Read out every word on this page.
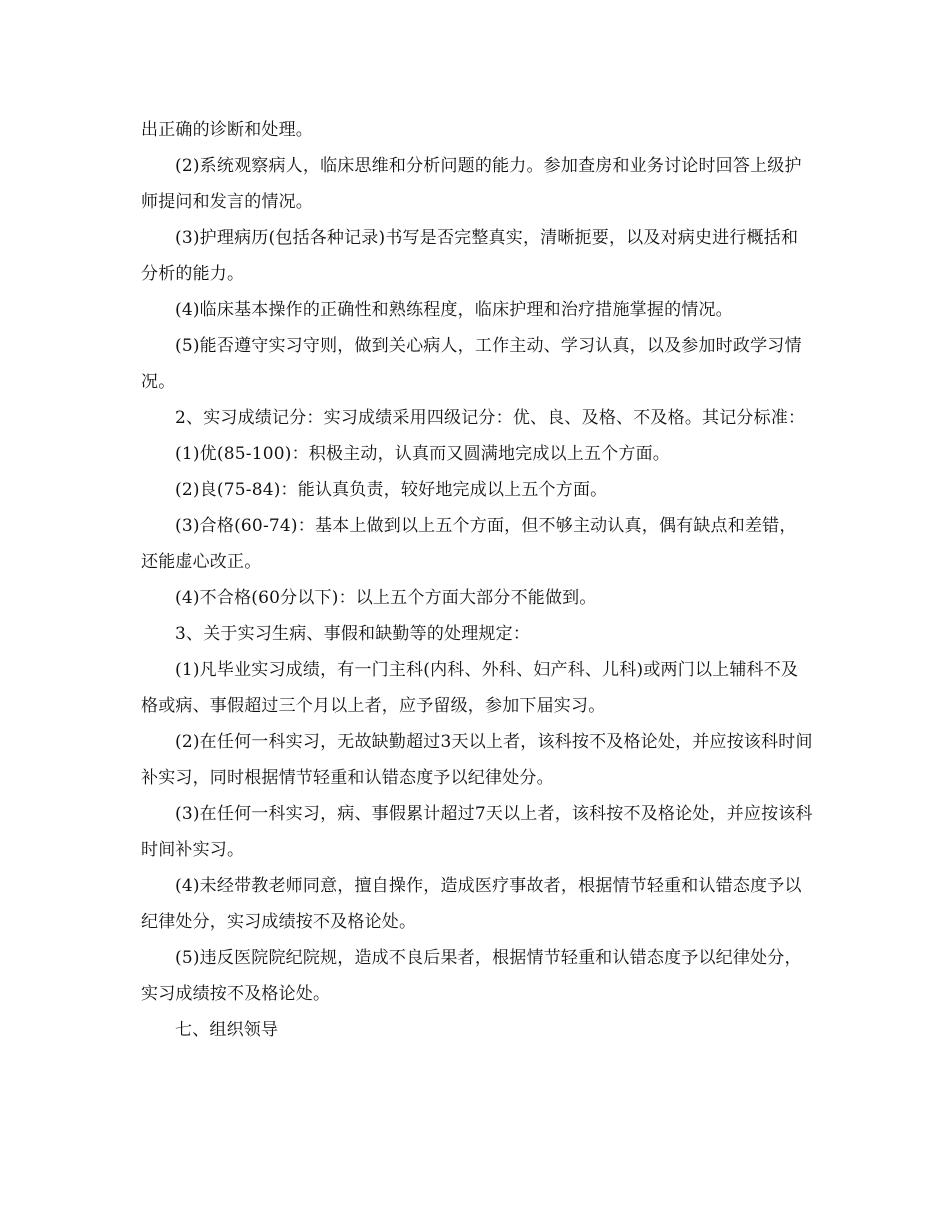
出正确的诊断和处理。

(2)系统观察病人，临床思维和分析问题的能力。参加查房和业务讨论时回答上级护师提问和发言的情况。

(3)护理病历(包括各种记录)书写是否完整真实，清晰扼要，以及对病史进行概括和分析的能力。

(4)临床基本操作的正确性和熟练程度，临床护理和治疗措施掌握的情况。

(5)能否遵守实习守则，做到关心病人，工作主动、学习认真，以及参加时政学习情况。

2、实习成绩记分：实习成绩采用四级记分：优、良、及格、不及格。其记分标准：

(1)优(85-100)：积极主动，认真而又圆满地完成以上五个方面。

(2)良(75-84)：能认真负责，较好地完成以上五个方面。

(3)合格(60-74)：基本上做到以上五个方面，但不够主动认真，偶有缺点和差错，还能虚心改正。

(4)不合格(60分以下)：以上五个方面大部分不能做到。

3、关于实习生病、事假和缺勤等的处理规定：

(1)凡毕业实习成绩，有一门主科(内科、外科、妇产科、儿科)或两门以上辅科不及格或病、事假超过三个月以上者，应予留级，参加下届实习。

(2)在任何一科实习，无故缺勤超过3天以上者，该科按不及格论处，并应按该科时间补实习，同时根据情节轻重和认错态度予以纪律处分。

(3)在任何一科实习，病、事假累计超过7天以上者，该科按不及格论处，并应按该科时间补实习。

(4)未经带教老师同意，擅自操作，造成医疗事故者，根据情节轻重和认错态度予以纪律处分，实习成绩按不及格论处。

(5)违反医院院纪院规，造成不良后果者，根据情节轻重和认错态度予以纪律处分，实习成绩按不及格论处。

七、组织领导
